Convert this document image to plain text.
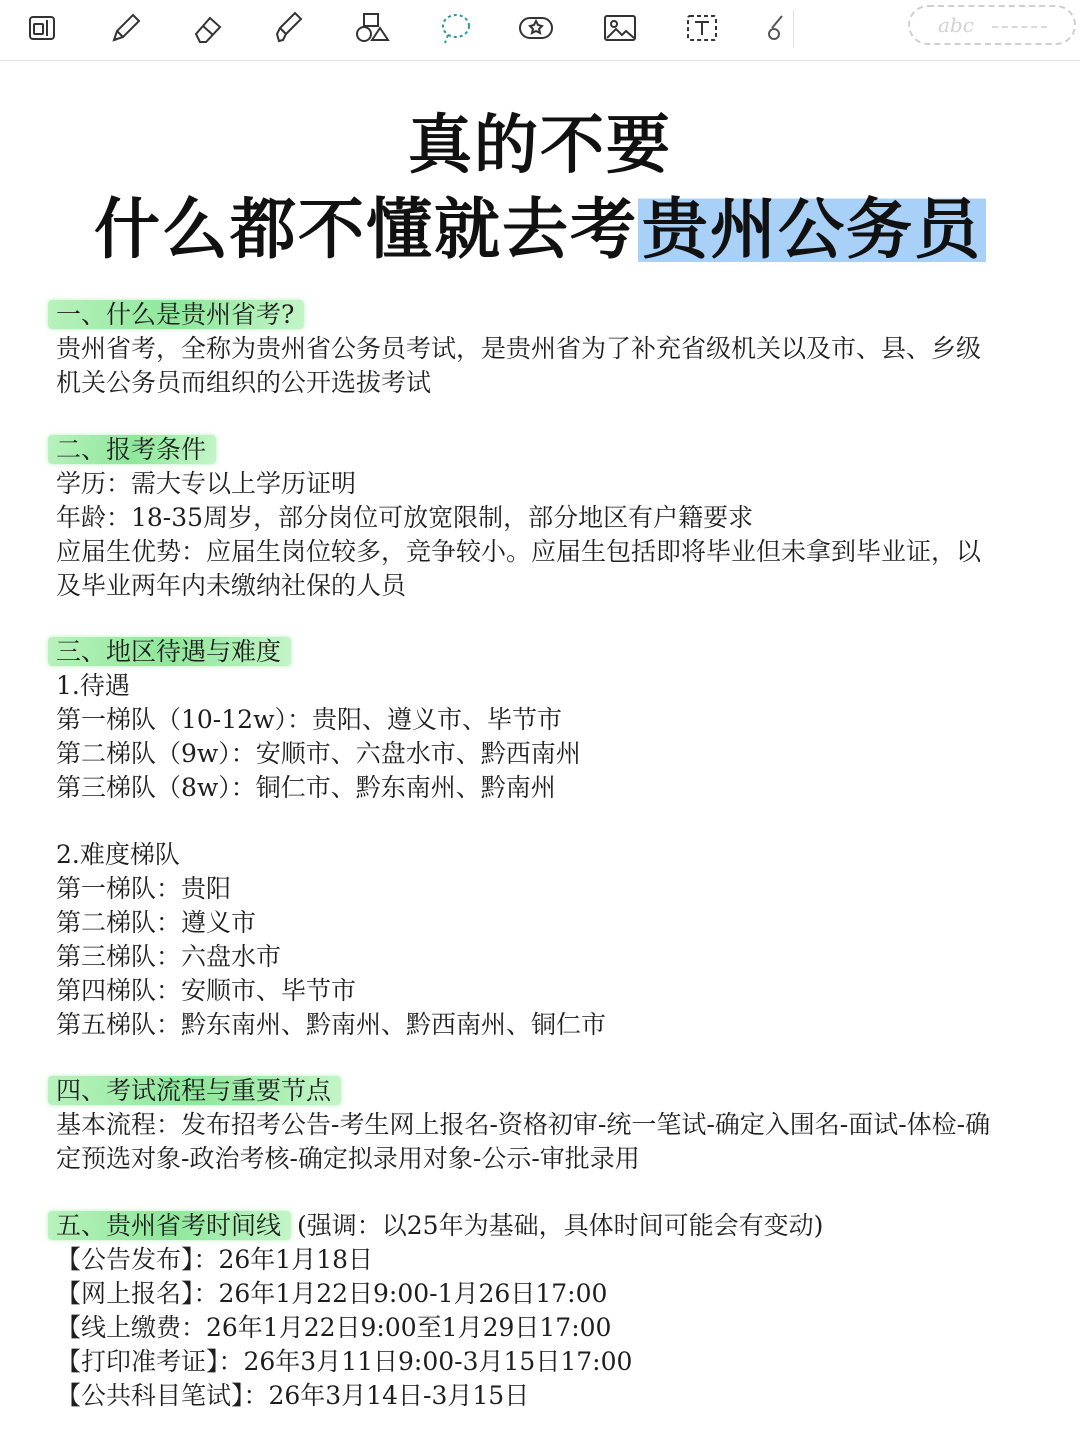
abc
真的不要
什么都不懂就去考贵州公务员
一、什么是贵州省考?
贵州省考，全称为贵州省公务员考试，是贵州省为了补充省级机关以及市、县、乡级
机关公务员而组织的公开选拔考试
二、报考条件
学历：需大专以上学历证明
年龄：18-35周岁，部分岗位可放宽限制，部分地区有户籍要求
应届生优势：应届生岗位较多，竞争较小。应届生包括即将毕业但未拿到毕业证，以
及毕业两年内未缴纳社保的人员
三、地区待遇与难度
1.待遇
第一梯队（10-12w）：贵阳、遵义市、毕节市
第二梯队（9w）：安顺市、六盘水市、黔西南州
第三梯队（8w）：铜仁市、黔东南州、黔南州
2.难度梯队
第一梯队：贵阳
第二梯队：遵义市
第三梯队：六盘水市
第四梯队：安顺市、毕节市
第五梯队：黔东南州、黔南州、黔西南州、铜仁市
四、考试流程与重要节点
基本流程：发布招考公告-考生网上报名-资格初审-统一笔试-确定入围名-面试-体检-确
定预选对象-政治考核-确定拟录用对象-公示-审批录用
五、贵州省考时间线 (强调：以25年为基础，具体时间可能会有变动)
【公告发布】：26年1月18日
【网上报名】：26年1月22日9:00-1月26日17:00
【线上缴费：26年1月22日9:00至1月29日17:00
【打印准考证】：26年3月11日9:00-3月15日17:00
【公共科目笔试】：26年3月14日-3月15日
